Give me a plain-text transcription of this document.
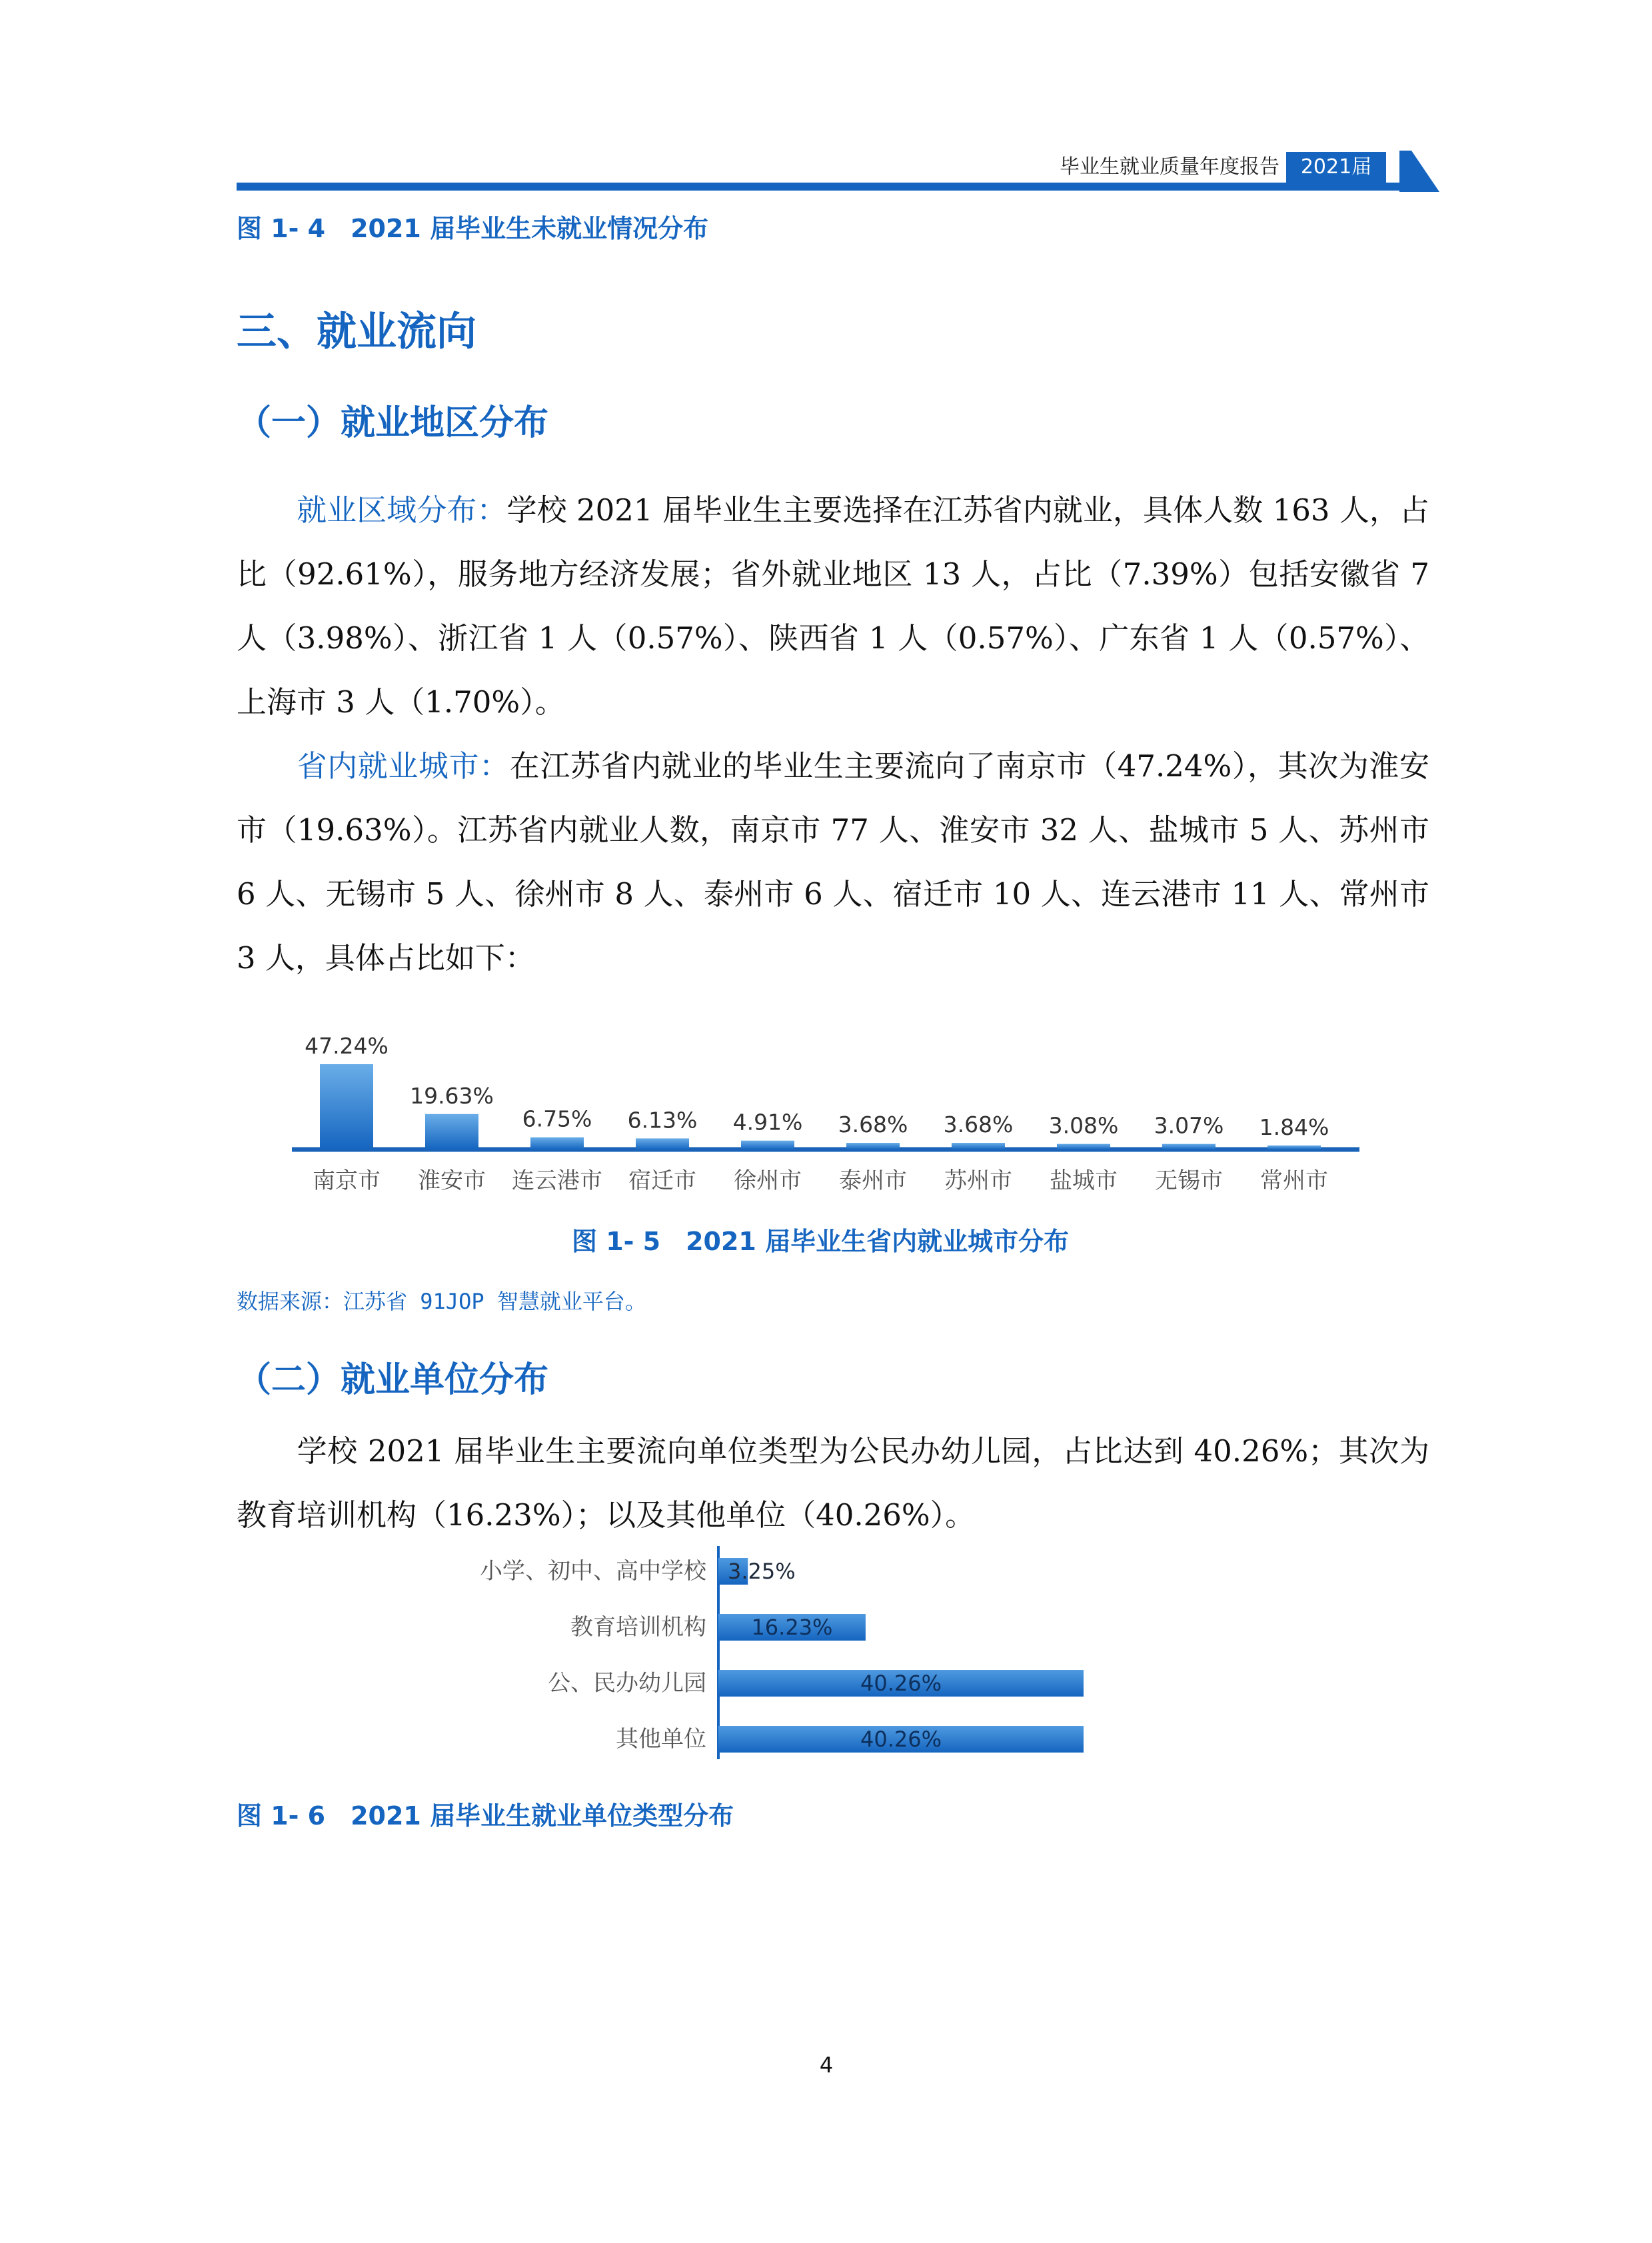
毕业生就业质量年度报告	2021届
图 1- 4　2021 届毕业生未就业情况分布
三、就业流向
（一）就业地区分布
就业区域分布：学校 2021 届毕业生主要选择在江苏省内就业，具体人数 163 人，占比（92.61%），服务地方经济发展；省外就业地区 13 人，占比（7.39%）包括安徽省 7 人（3.98%）、浙江省 1 人（0.57%）、陕西省 1 人（0.57%）、广东省 1 人（0.57%）、上海市 3 人（1.70%）。
省内就业城市：在江苏省内就业的毕业生主要流向了南京市（47.24%），其次为淮安市（19.63%）。江苏省内就业人数，南京市 77 人、淮安市 32 人、盐城市 5 人、苏州市 6 人、无锡市 5 人、徐州市 8 人、泰州市 6 人、宿迁市 10 人、连云港市 11 人、常州市 3 人，具体占比如下：
47.24%
南京市
19.63%
淮安市
6.75%
连云港市
6.13%
宿迁市
4.91%
徐州市
3.68%
泰州市
3.68%
苏州市
3.08%
盐城市
3.07%
无锡市
1.84%
常州市
图 1- 5　2021 届毕业生省内就业城市分布
数据来源：江苏省 91JOP 智慧就业平台。
（二）就业单位分布
学校 2021 届毕业生主要流向单位类型为公民办幼儿园，占比达到 40.26%；其次为教育培训机构（16.23%）；以及其他单位（40.26%）。
3.25%
小学、初中、高中学校
16.23%
教育培训机构
40.26%
公、民办幼儿园
40.26%
其他单位
图 1- 6　2021 届毕业生就业单位类型分布
4
